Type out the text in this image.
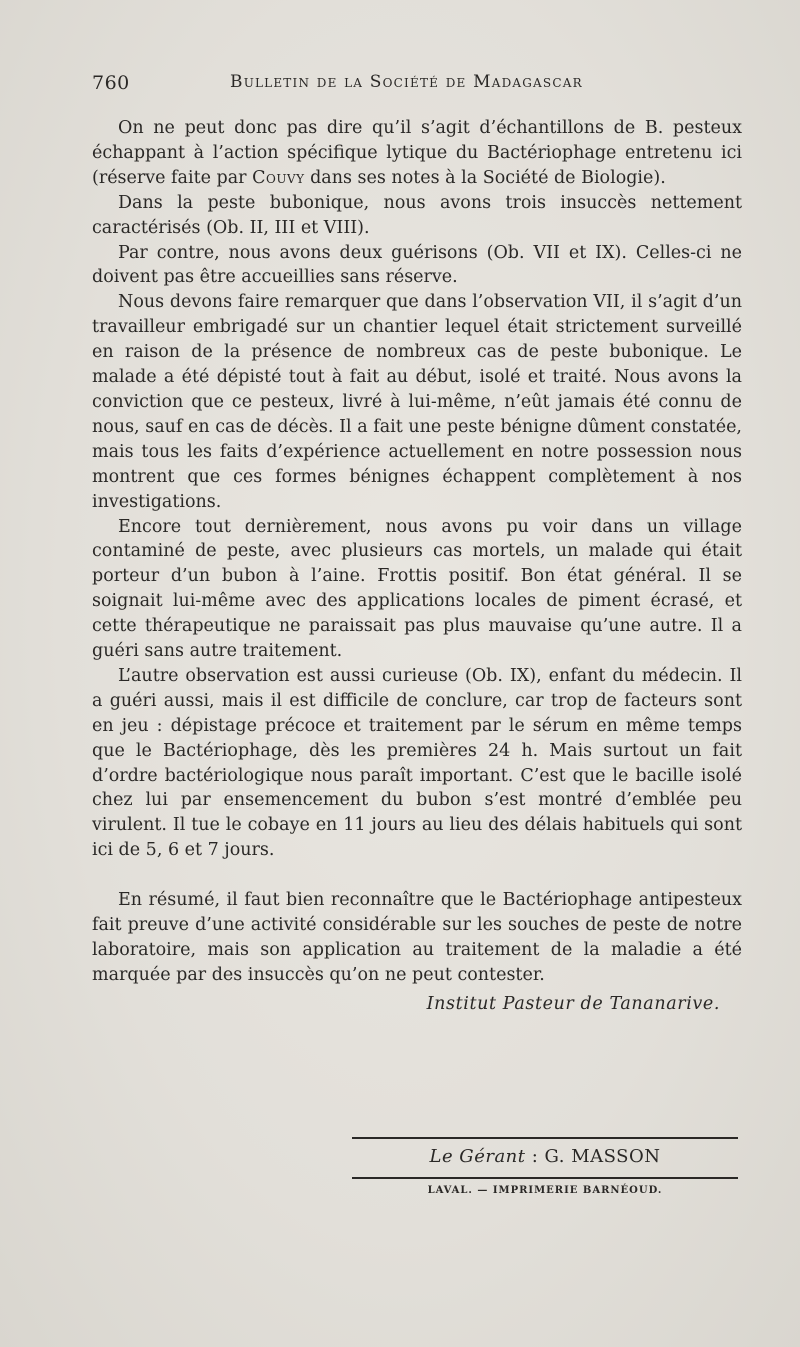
760	Bulletin de la Société de Madagascar

On ne peut donc pas dire qu’il s’agit d’échantillons de B. pesteux échappant à l’action spécifique lytique du Bactériophage entretenu ici (réserve faite par Couvy dans ses notes à la Société de Biologie).

Dans la peste bubonique, nous avons trois insuccès nettement caractérisés (Ob. II, III et VIII).

Par contre, nous avons deux guérisons (Ob. VII et IX). Celles-ci ne doivent pas être accueillies sans réserve.

Nous devons faire remarquer que dans l’observation VII, il s’agit d’un travailleur embrigadé sur un chantier lequel était strictement surveillé en raison de la présence de nombreux cas de peste bubonique. Le malade a été dépisté tout à fait au début, isolé et traité. Nous avons la conviction que ce pesteux, livré à lui-même, n’eût jamais été connu de nous, sauf en cas de décès. Il a fait une peste bénigne dûment constatée, mais tous les faits d’expérience actuellement en notre possession nous montrent que ces formes bénignes échappent complètement à nos investigations.

Encore tout dernièrement, nous avons pu voir dans un village contaminé de peste, avec plusieurs cas mortels, un malade qui était porteur d’un bubon à l’aine. Frottis positif. Bon état général. Il se soignait lui-même avec des applications locales de piment écrasé, et cette thérapeutique ne paraissait pas plus mauvaise qu’une autre. Il a guéri sans autre traitement.

L’autre observation est aussi curieuse (Ob. IX), enfant du médecin. Il a guéri aussi, mais il est difficile de conclure, car trop de facteurs sont en jeu : dépistage précoce et traitement par le sérum en même temps que le Bactériophage, dès les premières 24 h. Mais surtout un fait d’ordre bactériologique nous paraît important. C’est que le bacille isolé chez lui par ensemencement du bubon s’est montré d’emblée peu virulent. Il tue le cobaye en 11 jours au lieu des délais habituels qui sont ici de 5, 6 et 7 jours.

En résumé, il faut bien reconnaître que le Bactériophage antipesteux fait preuve d’une activité considérable sur les souches de peste de notre laboratoire, mais son application au traitement de la maladie a été marquée par des insuccès qu’on ne peut contester.

Institut Pasteur de Tananarive.

Le Gérant : G. MASSON
LAVAL. — IMPRIMERIE BARNÉOUD.
